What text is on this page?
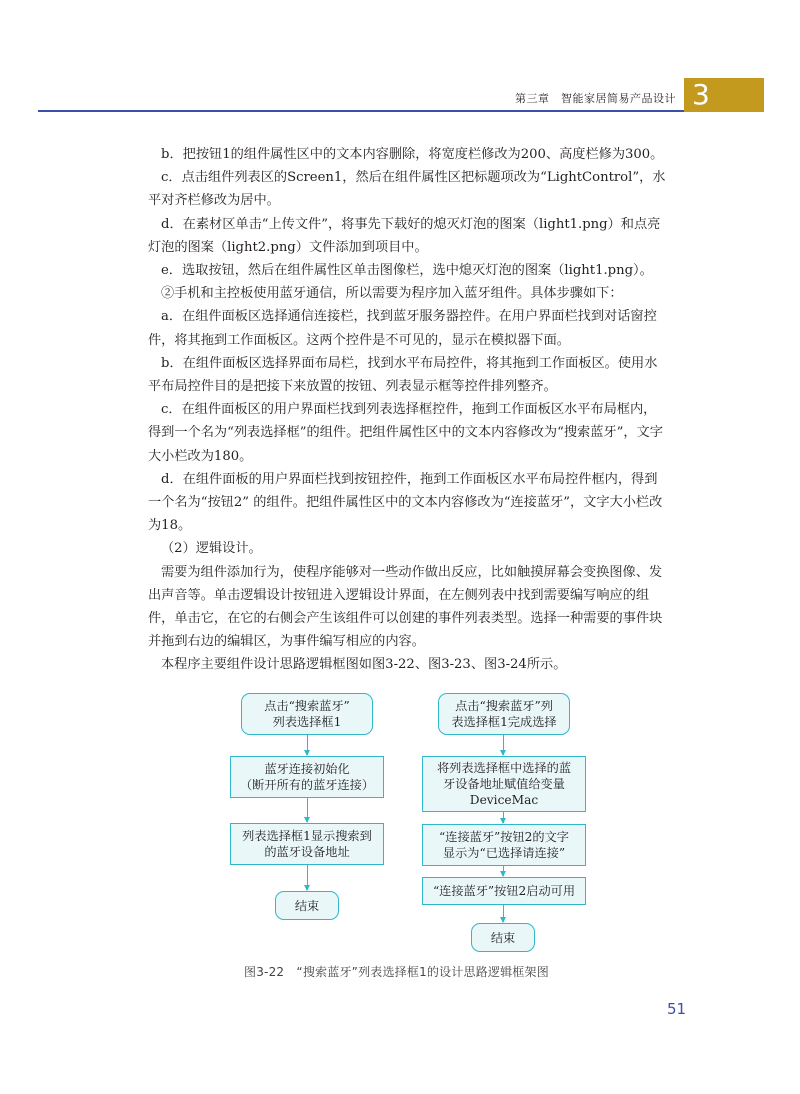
第三章　智能家居简易产品设计 3

b．把按钮1的组件属性区中的文本内容删除，将宽度栏修改为200、高度栏修为300。

c．点击组件列表区的Screen1，然后在组件属性区把标题项改为“LightControl”，水平对齐栏修改为居中。

d．在素材区单击“上传文件”，将事先下载好的熄灭灯泡的图案（light1.png）和点亮灯泡的图案（light2.png）文件添加到项目中。

e．选取按钮，然后在组件属性区单击图像栏，选中熄灭灯泡的图案（light1.png）。

②手机和主控板使用蓝牙通信，所以需要为程序加入蓝牙组件。具体步骤如下：

a．在组件面板区选择通信连接栏，找到蓝牙服务器控件。在用户界面栏找到对话窗控件，将其拖到工作面板区。这两个控件是不可见的，显示在模拟器下面。

b．在组件面板区选择界面布局栏，找到水平布局控件，将其拖到工作面板区。使用水平布局控件目的是把接下来放置的按钮、列表显示框等控件排列整齐。

c．在组件面板区的用户界面栏找到列表选择框控件，拖到工作面板区水平布局框内，得到一个名为“列表选择框”的组件。把组件属性区中的文本内容修改为“搜索蓝牙”，文字大小栏改为180。

d．在组件面板的用户界面栏找到按钮控件，拖到工作面板区水平布局控件框内，得到一个名为“按钮2” 的组件。把组件属性区中的文本内容修改为“连接蓝牙”，文字大小栏改为18。

（2）逻辑设计。

需要为组件添加行为，使程序能够对一些动作做出反应，比如触摸屏幕会变换图像、发出声音等。单击逻辑设计按钮进入逻辑设计界面，在左侧列表中找到需要编写响应的组件，单击它，在它的右侧会产生该组件可以创建的事件列表类型。选择一种需要的事件块并拖到右边的编辑区，为事件编写相应的内容。

本程序主要组件设计思路逻辑框图如图3-22、图3-23、图3-24所示。

点击“搜索蓝牙”
列表选择框1
蓝牙连接初始化
（断开所有的蓝牙连接）
列表选择框1显示搜索到
的蓝牙设备地址
结束
点击“搜索蓝牙”列
表选择框1完成选择
将列表选择框中选择的蓝
牙设备地址赋值给变量
DeviceMac
“连接蓝牙”按钮2的文字
显示为“已选择请连接”
“连接蓝牙”按钮2启动可用
结束
图3-22　“搜索蓝牙”列表选择框1的设计思路逻辑框架图
51
